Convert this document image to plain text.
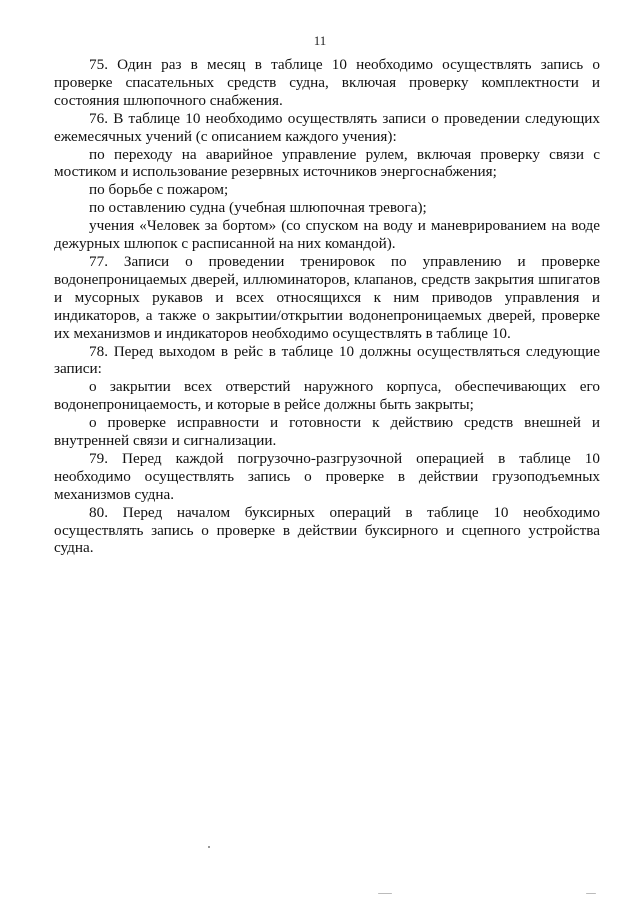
11

75. Один раз в месяц в таблице 10 необходимо осуществлять запись о проверке спасательных средств судна, включая проверку комплектности и состояния шлюпочного снабжения.

76. В таблице 10 необходимо осуществлять записи о проведении следующих ежемесячных учений (с описанием каждого учения):

по переходу на аварийное управление рулем, включая проверку связи с мостиком и использование резервных источников энергоснабжения;

по борьбе с пожаром;

по оставлению судна (учебная шлюпочная тревога);

учения «Человек за бортом» (со спуском на воду и маневрированием на воде дежурных шлюпок с расписанной на них командой).

77. Записи о проведении тренировок по управлению и проверке водонепроницаемых дверей, иллюминаторов, клапанов, средств закрытия шпигатов и мусорных рукавов и всех относящихся к ним приводов управления и индикаторов, а также о закрытии/открытии водонепроницаемых дверей, проверке их механизмов и индикаторов необходимо осуществлять в таблице 10.

78. Перед выходом в рейс в таблице 10 должны осуществляться следующие записи:

о закрытии всех отверстий наружного корпуса, обеспечивающих его водонепроницаемость, и которые в рейсе должны быть закрыты;

о проверке исправности и готовности к действию средств внешней и внутренней связи и сигнализации.

79. Перед каждой погрузочно-разгрузочной операцией в таблице 10 необходимо осуществлять запись о проверке в действии грузоподъемных механизмов судна.

80. Перед началом буксирных операций в таблице 10 необходимо осуществлять запись о проверке в действии буксирного и сцепного устройства судна.
